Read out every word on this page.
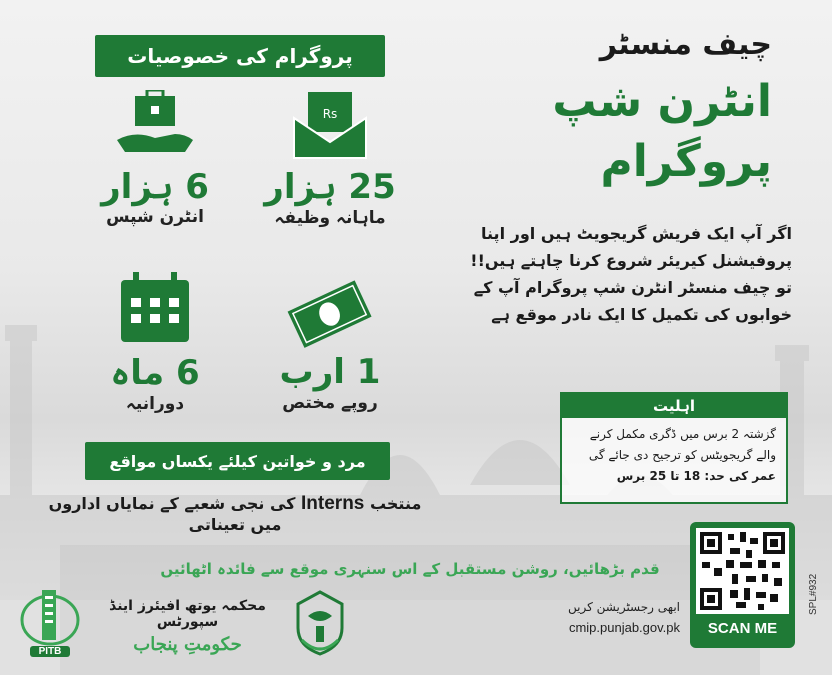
چیف منسٹر
انٹرن شپ
پروگرام
پروگرام کی خصوصیات
Rs
25 ہزار
ماہانہ وظیفہ
6 ہزار
انٹرن شپس
1 ارب
روپے مختص
6 ماہ
دورانیہ
مرد و خواتین کیلئے یکساں مواقع
منتخب Interns کی نجی شعبے کے نمایاں اداروں میں تعیناتی
اگر آپ ایک فریش گریجویٹ ہیں اور اپنا
پروفیشنل کیریئر شروع کرنا چاہتے ہیں!!
تو چیف منسٹر انٹرن شپ پروگرام آپ کے
خوابوں کی تکمیل کا ایک نادر موقع ہے
اہلیت
گزشتہ 2 برس میں ڈگری مکمل کرنے
والے گریجویٹس کو ترجیح دی جائے گی
عمر کی حد: 18 تا 25 برس
قدم بڑھائیں، روشن مستقبل کے اس سنہری موقع سے فائدہ اٹھائیں
SCAN ME
ابھی رجسٹریشن کریں
cmip.punjab.gov.pk
SPL#932
PITB
محکمہ یوتھ افیئرز اینڈ سپورٹس
حکومتِ پنجاب
